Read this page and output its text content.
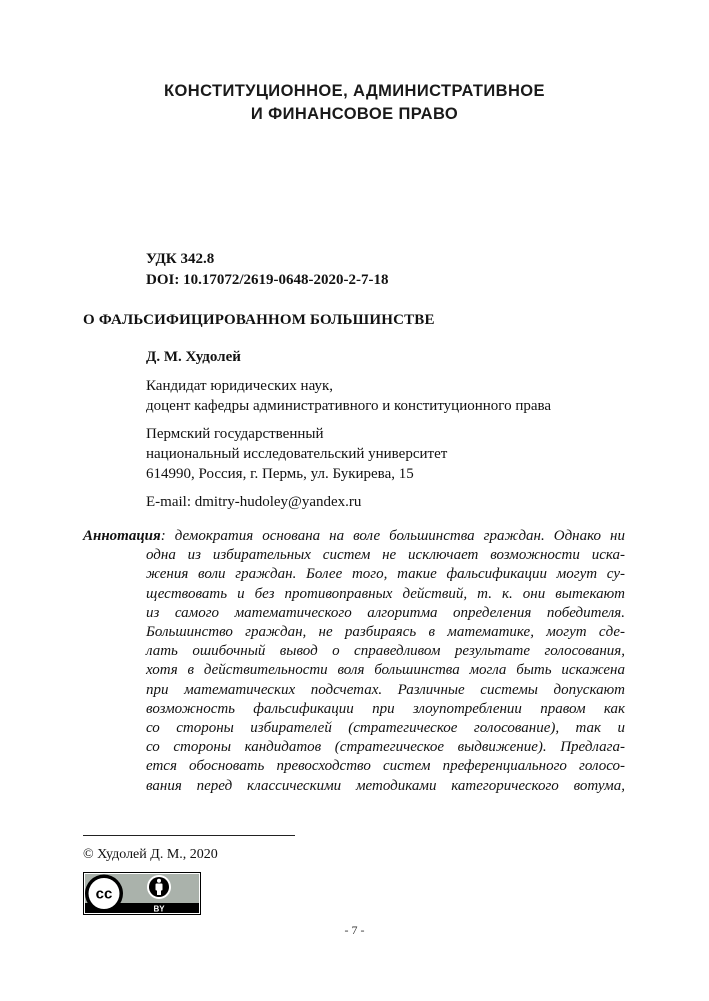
КОНСТИТУЦИОННОЕ, АДМИНИСТРАТИВНОЕ
И ФИНАНСОВОЕ ПРАВО
УДК 342.8
DOI: 10.17072/2619-0648-2020-2-7-18
О ФАЛЬСИФИЦИРОВАННОМ БОЛЬШИНСТВЕ
Д. М. Худолей
Кандидат юридических наук,
доцент кафедры административного и конституционного права
Пермский государственный
национальный исследовательский университет
614990, Россия, г. Пермь, ул. Букирева, 15
E-mail: dmitry-hudoley@yandex.ru
Аннотация: демократия основана на воле большинства граждан. Однако ни
одна из избирательных систем не исключает возможности иска-
жения воли граждан. Более того, такие фальсификации могут су-
ществовать и без противоправных действий, т. к. они вытекают
из самого математического алгоритма определения победителя.
Большинство граждан, не разбираясь в математике, могут сде-
лать ошибочный вывод о справедливом результате голосования,
хотя в действительности воля большинства могла быть искажена
при математических подсчетах. Различные системы допускают
возможность фальсификации при злоупотреблении правом как
со стороны избирателей (стратегическое голосование), так и
со стороны кандидатов (стратегическое выдвижение). Предлага-
ется обосновать превосходство систем преференциального голосо-
вания перед классическими методиками категорического вотума,
© Худолей Д. М., 2020
cc
BY
- 7 -
